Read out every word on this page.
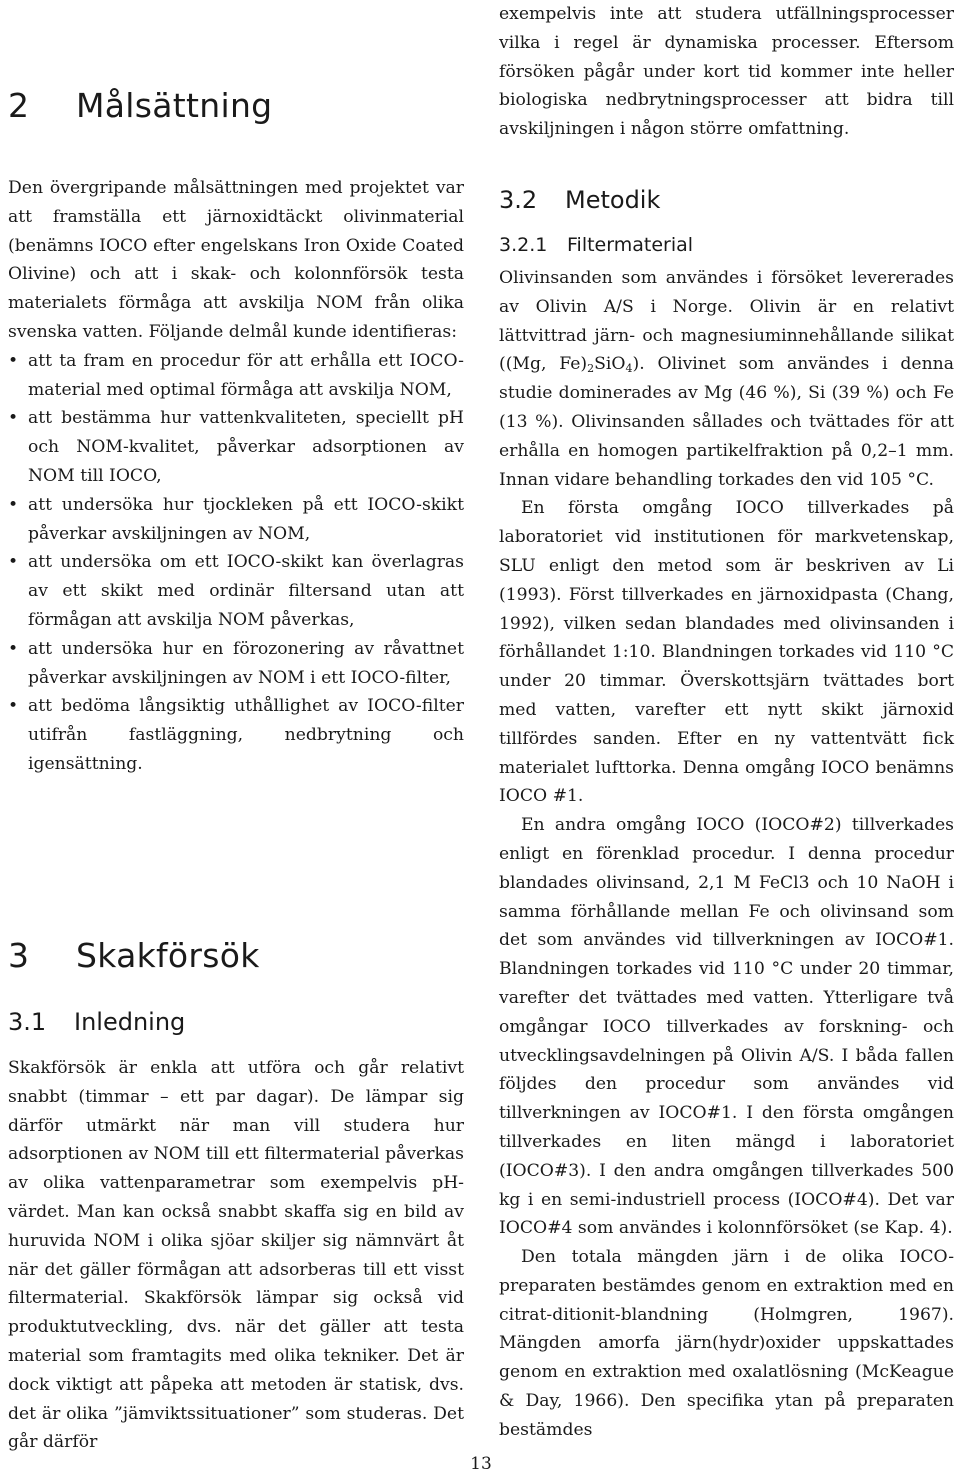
2 Målsättning

Den övergripande målsättningen med projektet var att framställa ett järnoxidtäckt olivinmaterial (benämns IOCO efter engelskans Iron Oxide Coated Olivine) och att i skak- och kolonnförsök testa materialets förmåga att avskilja NOM från olika svenska vatten. Följande delmål kunde identifieras:

• att ta fram en procedur för att erhålla ett IOCO-material med optimal förmåga att avskilja NOM,
• att bestämma hur vattenkvaliteten, speciellt pH och NOM-kvalitet, påverkar adsorptionen av NOM till IOCO,
• att undersöka hur tjockleken på ett IOCO-skikt påverkar avskiljningen av NOM,
• att undersöka om ett IOCO-skikt kan överlagras av ett skikt med ordinär filtersand utan att förmågan att avskilja NOM påverkas,
• att undersöka hur en förozonering av råvattnet påverkar avskiljningen av NOM i ett IOCO-filter,
• att bedöma långsiktig uthållighet av IOCO-filter utifrån fastläggning, nedbrytning och igensättning.
3 Skakförsök
3.1 Inledning

Skakförsök är enkla att utföra och går relativt snabbt (timmar – ett par dagar). De lämpar sig därför utmärkt när man vill studera hur adsorptionen av NOM till ett filtermaterial påverkas av olika vattenparametrar som exempelvis pH-värdet. Man kan också snabbt skaffa sig en bild av huruvida NOM i olika sjöar skiljer sig nämnvärt åt när det gäller förmågan att adsorberas till ett visst filtermaterial. Skakförsök lämpar sig också vid produktutveckling, dvs. när det gäller att testa material som framtagits med olika tekniker. Det är dock viktigt att påpeka att metoden är statisk, dvs. det är olika ”jämviktssituationer” som studeras. Det går därför

exempelvis inte att studera utfällningsprocesser vilka i regel är dynamiska processer. Eftersom försöken pågår under kort tid kommer inte heller biologiska nedbrytningsprocesser att bidra till avskiljningen i någon större omfattning.

3.2 Metodik
3.2.1 Filtermaterial

Olivinsanden som användes i försöket levererades av Olivin A/S i Norge. Olivin är en relativt lättvittrad järn- och magnesiuminnehållande silikat ((Mg, $Fe)_2SiO_4$). Olivinet som användes i denna studie dominerades av Mg (46 %), Si (39 %) och Fe (13 %). Olivinsanden sållades och tvättades för att erhålla en homogen partikelfraktion på 0,2–1 mm. Innan vidare behandling torkades den vid 105 °C.

En första omgång IOCO tillverkades på laboratoriet vid institutionen för markvetenskap, SLU enligt den metod som är beskriven av Li (1993). Först tillverkades en järnoxidpasta (Chang, 1992), vilken sedan blandades med olivinsanden i förhållandet 1:10. Blandningen torkades vid 110 °C under 20 timmar. Överskottsjärn tvättades bort med vatten, varefter ett nytt skikt järnoxid tillfördes sanden. Efter en ny vattentvätt fick materialet lufttorka. Denna omgång IOCO benämns IOCO #1.

En andra omgång IOCO (IOCO#2) tillverkades enligt en förenklad procedur. I denna procedur blandades olivinsand, 2,1 M FeCl3 och 10 NaOH i samma förhållande mellan Fe och olivinsand som det som användes vid tillverkningen av IOCO#1. Blandningen torkades vid 110 °C under 20 timmar, varefter det tvättades med vatten. Ytterligare två omgångar IOCO tillverkades av forskning- och utvecklingsavdelningen på Olivin A/S. I båda fallen följdes den procedur som användes vid tillverkningen av IOCO#1. I den första omgången tillverkades en liten mängd i laboratoriet (IOCO#3). I den andra omgången tillverkades 500 kg i en semi-industriell process (IOCO#4). Det var IOCO#4 som användes i kolonnförsöket (se Kap. 4).

Den totala mängden järn i de olika IOCO-preparaten bestämdes genom en extraktion med en citrat-ditionit-blandning (Holmgren, 1967). Mängden amorfa järn(hydr)oxider uppskattades genom en extraktion med oxalatlösning (McKeague & Day, 1966). Den specifika ytan på preparaten bestämdes

13
